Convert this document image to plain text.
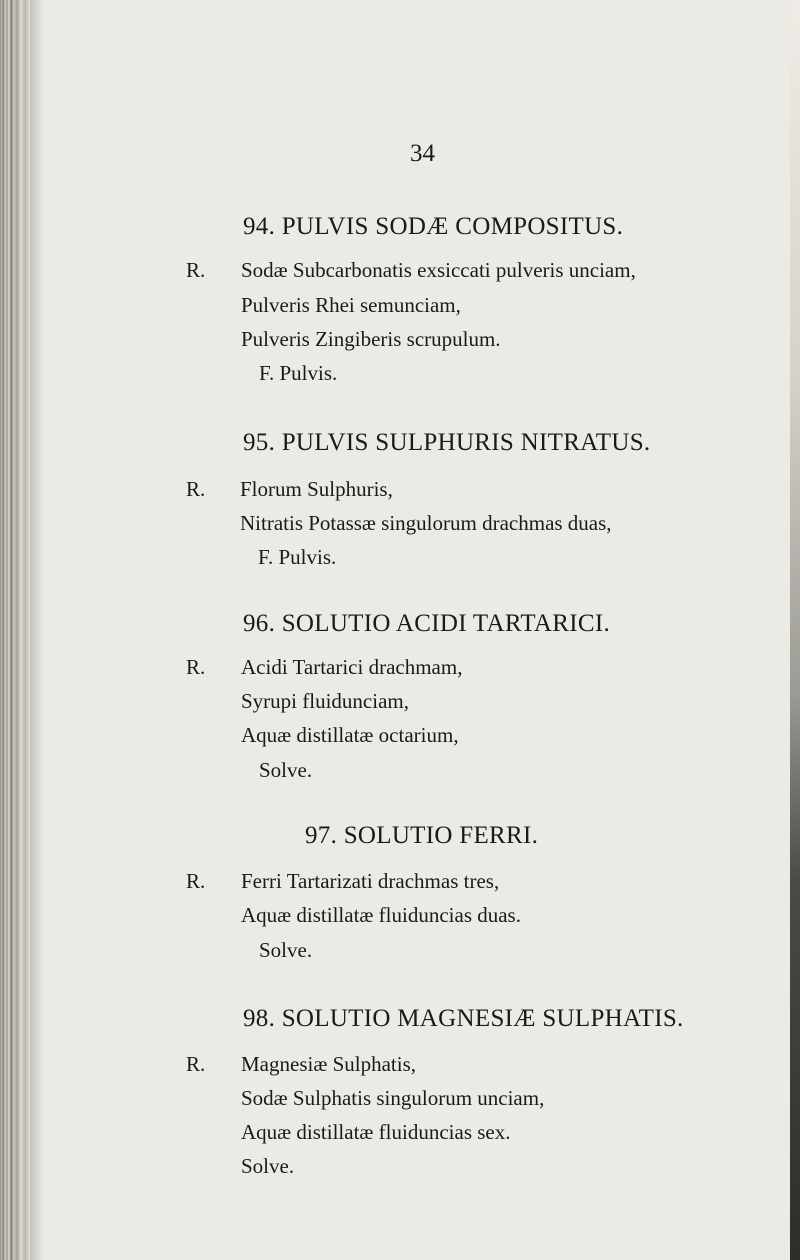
34
94. PULVIS SODÆ COMPOSITUS.
R. Sodæ Subcarbonatis exsiccati pulveris unciam,
Pulveris Rhei semunciam,
Pulveris Zingiberis scrupulum.
F. Pulvis.
95. PULVIS SULPHURIS NITRATUS.
R. Florum Sulphuris,
Nitratis Potassæ singulorum drachmas duas,
F. Pulvis.
96. SOLUTIO ACIDI TARTARICI.
R. Acidi Tartarici drachmam,
Syrupi fluidunciam,
Aquæ distillatæ octarium,
Solve.
97. SOLUTIO FERRI.
R. Ferri Tartarizati drachmas tres,
Aquæ distillatæ fluiduncias duas.
Solve.
98. SOLUTIO MAGNESIÆ SULPHATIS.
R. Magnesiæ Sulphatis,
Sodæ Sulphatis singulorum unciam,
Aquæ distillatæ fluiduncias sex.
Solve.
